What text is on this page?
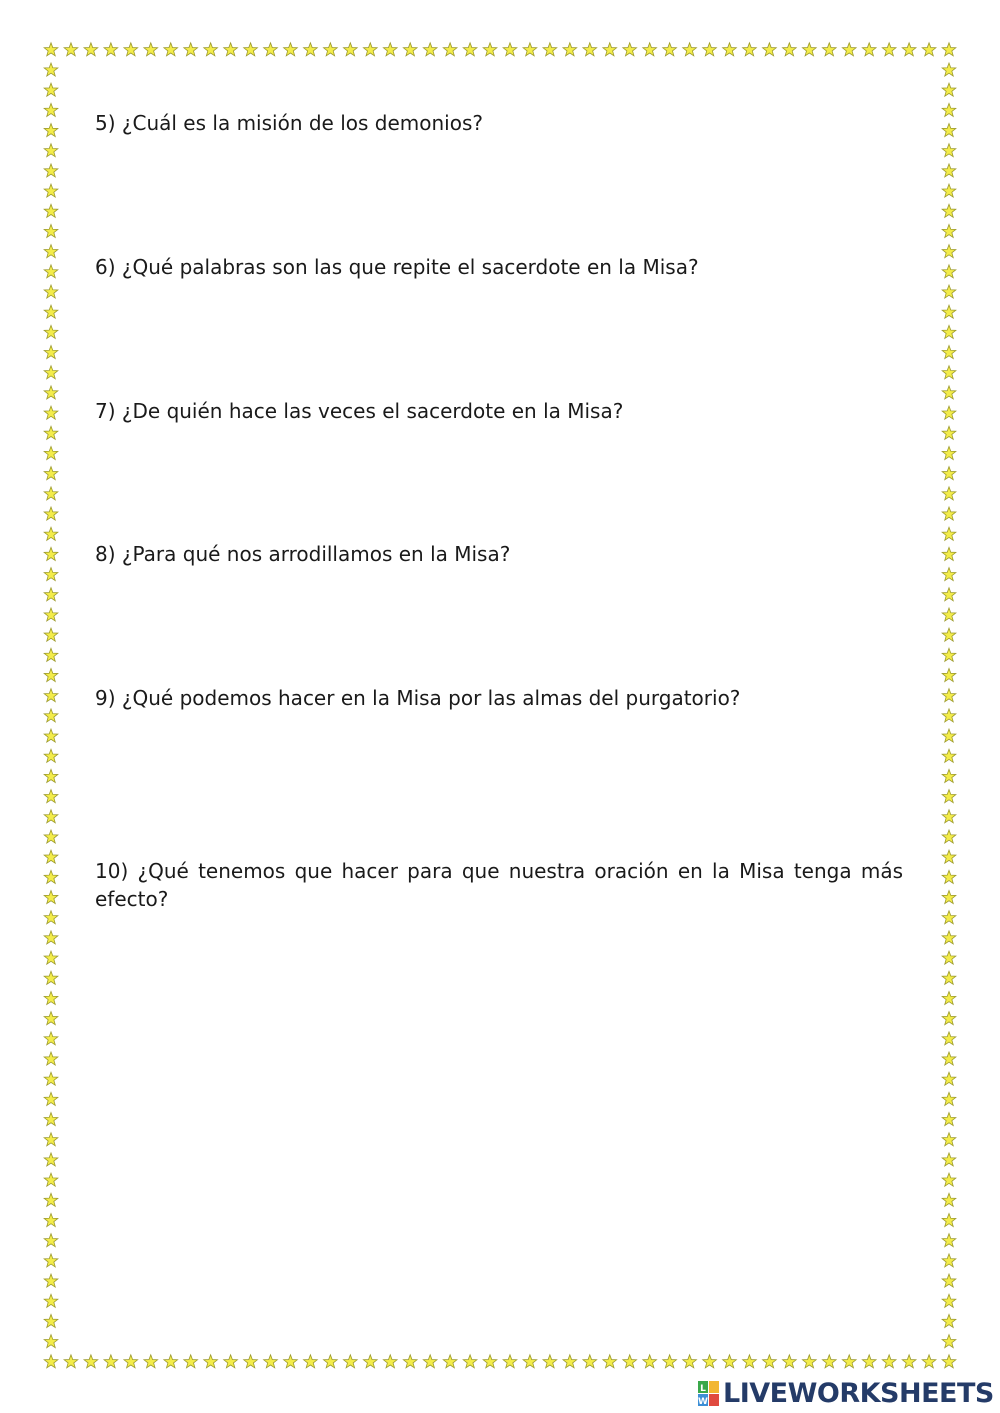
5) ¿Cuál es la misión de los demonios?

6) ¿Qué palabras son las que repite el sacerdote en la Misa?

7) ¿De quién hace las veces el sacerdote en la Misa?

8) ¿Para qué nos arrodillamos en la Misa?

9) ¿Qué podemos hacer en la Misa por las almas del purgatorio?

10) ¿Qué tenemos que hacer para que nuestra oración en la Misa tenga más efecto?

L
W LIVEWORKSHEETS
